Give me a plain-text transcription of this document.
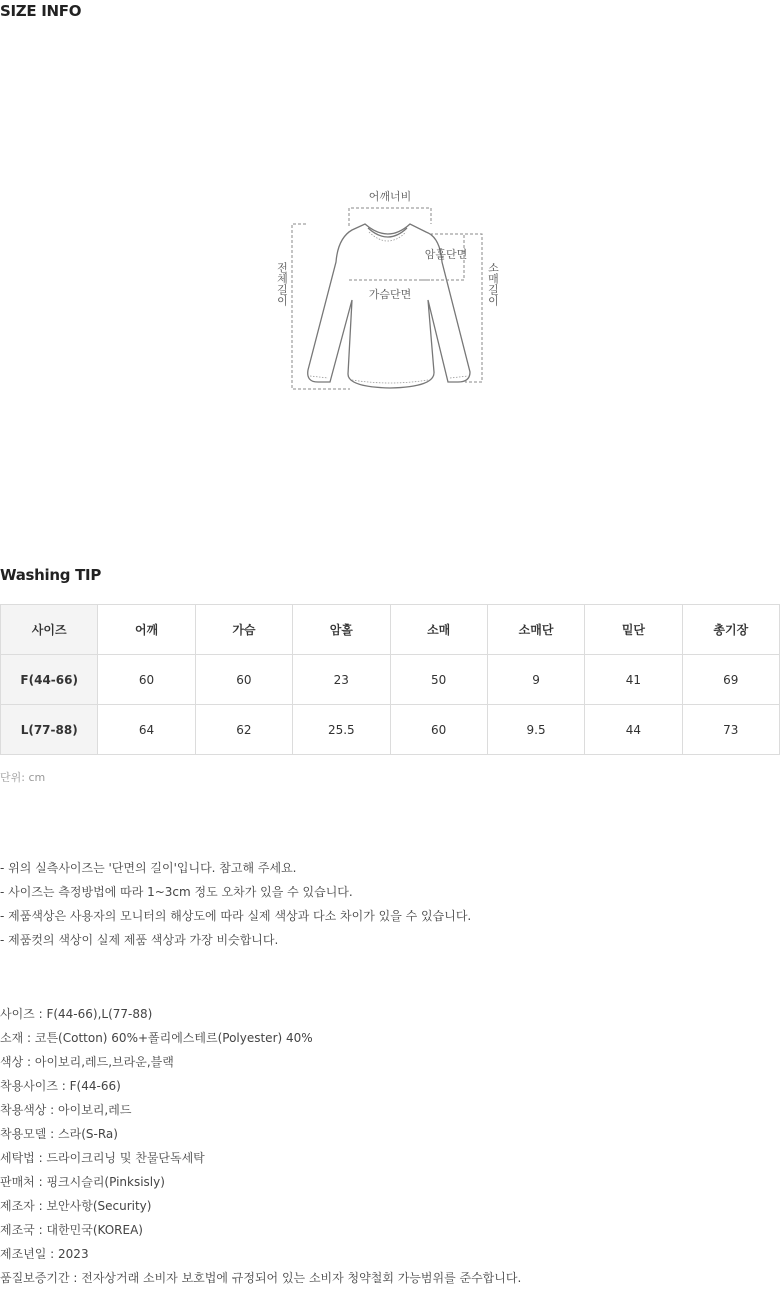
SIZE INFO
어깨너비
암홀단면
가슴단면
전체길이	소매길이
Washing TIP
사이즈	어깨	가슴	암홀	소매	소매단	밑단	총기장
F(44-66)	60	60	23	50	9	41	69
L(77-88)	64	62	25.5	60	9.5	44	73
단위: cm
- 위의 실측사이즈는 '단면의 길이'입니다. 참고해 주세요.
- 사이즈는 측정방법에 따라 1~3cm 정도 오차가 있을 수 있습니다.
- 제품색상은 사용자의 모니터의 해상도에 따라 실제 색상과 다소 차이가 있을 수 있습니다.
- 제품컷의 색상이 실제 제품 색상과 가장 비슷합니다.
사이즈 : F(44-66),L(77-88)
소재 : 코튼(Cotton) 60%+폴리에스테르(Polyester) 40%
색상 : 아이보리,레드,브라운,블랙
착용사이즈 : F(44-66)
착용색상 : 아이보리,레드
착용모델 : 스라(S-Ra)
세탁법 : 드라이크리닝 및 찬물단독세탁
판매처 : 핑크시슬리(Pinksisly)
제조자 : 보안사항(Security)
제조국 : 대한민국(KOREA)
제조년일 : 2023
품질보증기간 : 전자상거래 소비자 보호법에 규정되어 있는 소비자 청약철회 가능범위를 준수합니다.
